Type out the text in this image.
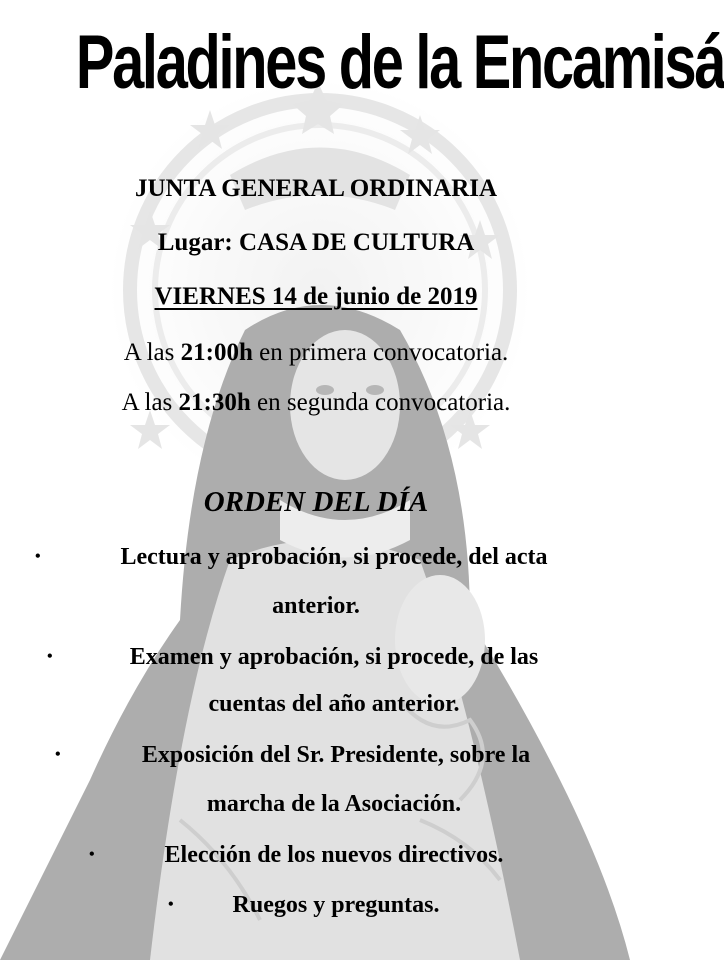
Paladines de la Encamisá
JUNTA GENERAL ORDINARIA
Lugar: CASA DE CULTURA
VIERNES 14 de junio de 2019
A las 21:00h en primera convocatoria.
A las 21:30h en segunda convocatoria.
ORDEN DEL DÍA
•	Lectura y aprobación, si procede, del acta
anterior.
•	Examen y aprobación, si procede, de las
cuentas del año anterior.
•	Exposición del Sr. Presidente, sobre la
marcha de la Asociación.
•	Elección de los nuevos directivos.
•	Ruegos y preguntas.
